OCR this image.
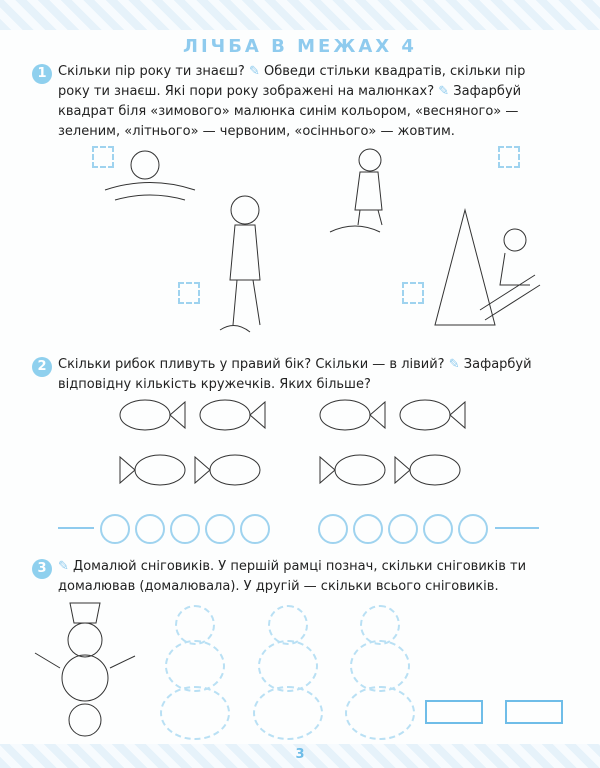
ЛІЧБА В МЕЖАХ 4
1 Скільки пір року ти знаєш? ✎ Обведи стільки квадратів, скільки пір року ти знаєш. Які пори року зображені на малюнках? ✎ Зафарбуй квадрат біля «зимового» малюнка синім кольором, «весняного» — зеленим, «літнього» — червоним, «осіннього» — жовтим.
2 Скільки рибок пливуть у правий бік? Скільки — в лівий? ✎ Зафарбуй відповідну кількість кружечків. Яких більше?
3 ✎ Домалюй сніговиків. У першій рамці познач, скільки сніговиків ти домалював (домалювала). У другій — скільки всього сніговиків.
3
